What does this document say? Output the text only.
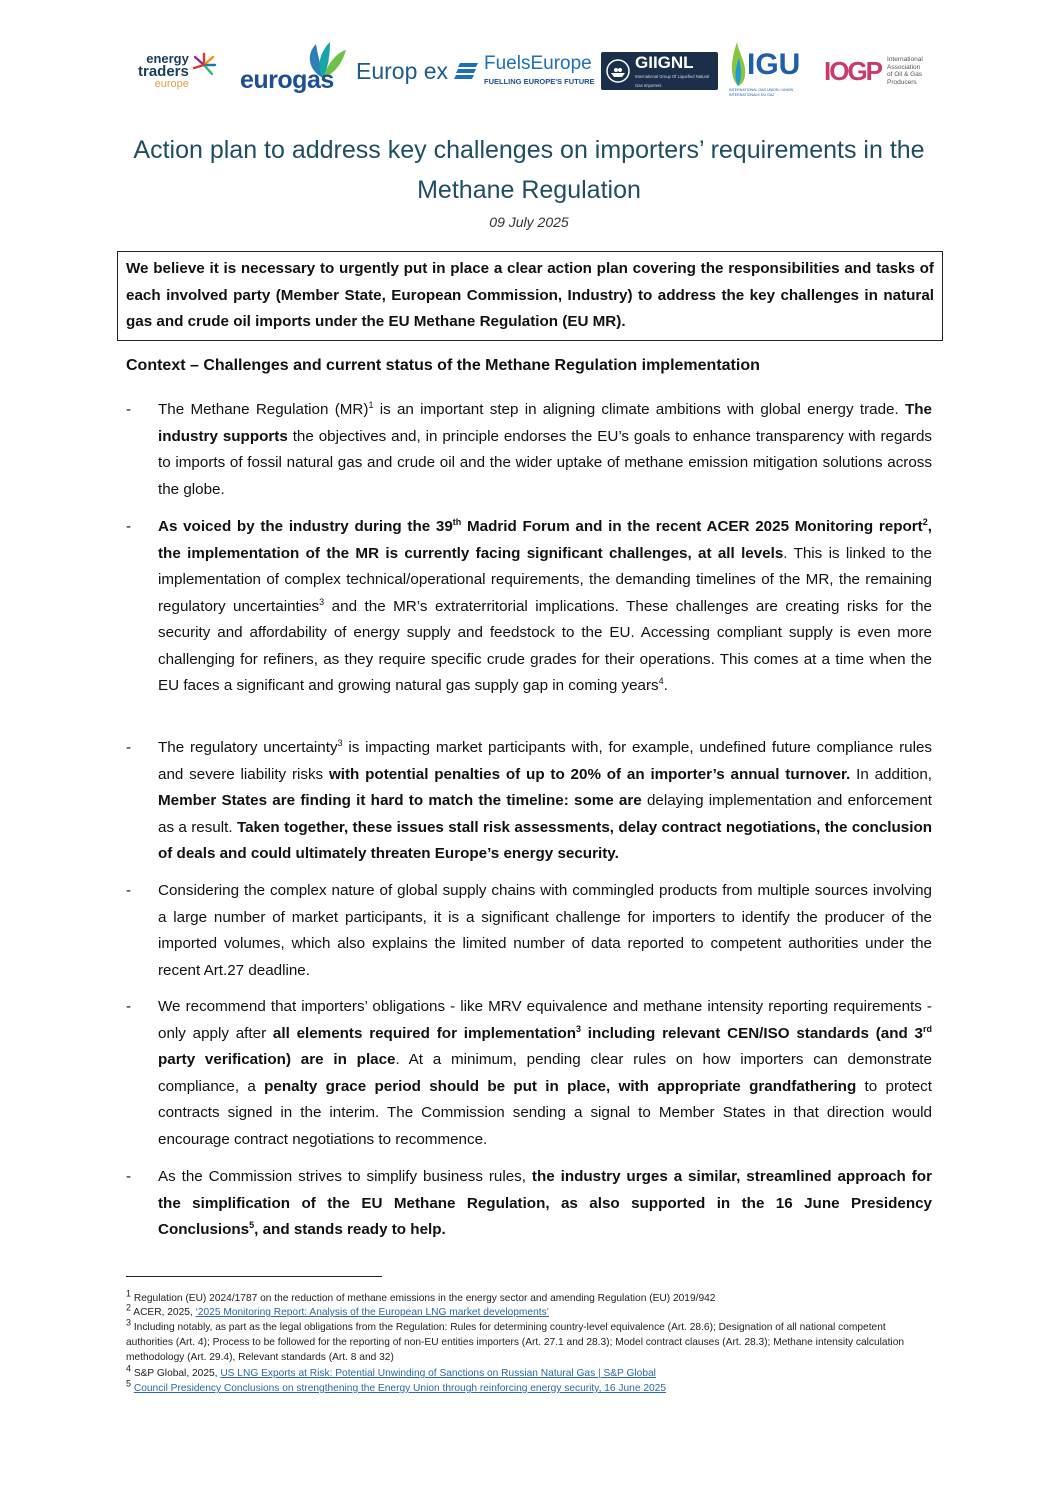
energy
traders
europe eurogas Europ ex FuelsEurope
FUELLING EUROPE'S FUTURE
GIIGNL
International Group Of Liquefied Natural Gas Importers
IGU
INTERNATIONAL GAS UNION / UNION INTERNATIONALE DU GAZ
IOGP International
Association
of Oil & Gas
Producers
Action plan to address key challenges on importers’ requirements in the Methane Regulation
09 July 2025
We believe it is necessary to urgently put in place a clear action plan covering the responsibilities and tasks of each involved party (Member State, European Commission, Industry) to address the key challenges in natural gas and crude oil imports under the EU Methane Regulation (EU MR).
Context – Challenges and current status of the Methane Regulation implementation
- The Methane Regulation (MR)$^1$ is an important step in aligning climate ambitions with global energy trade. The industry supports the objectives and, in principle endorses the EU’s goals to enhance transparency with regards to imports of fossil natural gas and crude oil and the wider uptake of methane emission mitigation solutions across the globe.
- As voiced by the industry during the 39th Madrid Forum and in the recent ACER 2025 Monitoring report$^2$, the implementation of the MR is currently facing significant challenges, at all levels. This is linked to the implementation of complex technical/operational requirements, the demanding timelines of the MR, the remaining regulatory uncertainties$^3$ and the MR’s extraterritorial implications. These challenges are creating risks for the security and affordability of energy supply and feedstock to the EU. Accessing compliant supply is even more challenging for refiners, as they require specific crude grades for their operations. This comes at a time when the EU faces a significant and growing natural gas supply gap in coming years$^4$.
- The regulatory uncertainty$^3$ is impacting market participants with, for example, undefined future compliance rules and severe liability risks with potential penalties of up to 20% of an importer’s annual turnover. In addition, Member States are finding it hard to match the timeline: some are delaying implementation and enforcement as a result. Taken together, these issues stall risk assessments, delay contract negotiations, the conclusion of deals and could ultimately threaten Europe’s energy security.
- Considering the complex nature of global supply chains with commingled products from multiple sources involving a large number of market participants, it is a significant challenge for importers to identify the producer of the imported volumes, which also explains the limited number of data reported to competent authorities under the recent Art.27 deadline.
- We recommend that importers’ obligations - like MRV equivalence and methane intensity reporting requirements - only apply after all elements required for implementation$^3$ including relevant CEN/ISO standards (and 3rd party verification) are in place. At a minimum, pending clear rules on how importers can demonstrate compliance, a penalty grace period should be put in place, with appropriate grandfathering to protect contracts signed in the interim. The Commission sending a signal to Member States in that direction would encourage contract negotiations to recommence.
- As the Commission strives to simplify business rules, the industry urges a similar, streamlined approach for the simplification of the EU Methane Regulation, as also supported in the 16 June Presidency Conclusions$^5$, and stands ready to help.
$^1$ Regulation (EU) 2024/1787 on the reduction of methane emissions in the energy sector and amending Regulation (EU) 2019/942
$^2$ ACER, 2025, ‘2025 Monitoring Report: Analysis of the European LNG market developments’
$^3$ Including notably, as part as the legal obligations from the Regulation: Rules for determining country-level equivalence (Art. 28.6); Designation of all national competent authorities (Art. 4); Process to be followed for the reporting of non-EU entities importers (Art. 27.1 and 28.3); Model contract clauses (Art. 28.3); Methane intensity calculation methodology (Art. 29.4), Relevant standards (Art. 8 and 32)
$^4$ S&P Global, 2025, US LNG Exports at Risk: Potential Unwinding of Sanctions on Russian Natural Gas | S&P Global
$^5$ Council Presidency Conclusions on strengthening the Energy Union through reinforcing energy security, 16 June 2025
